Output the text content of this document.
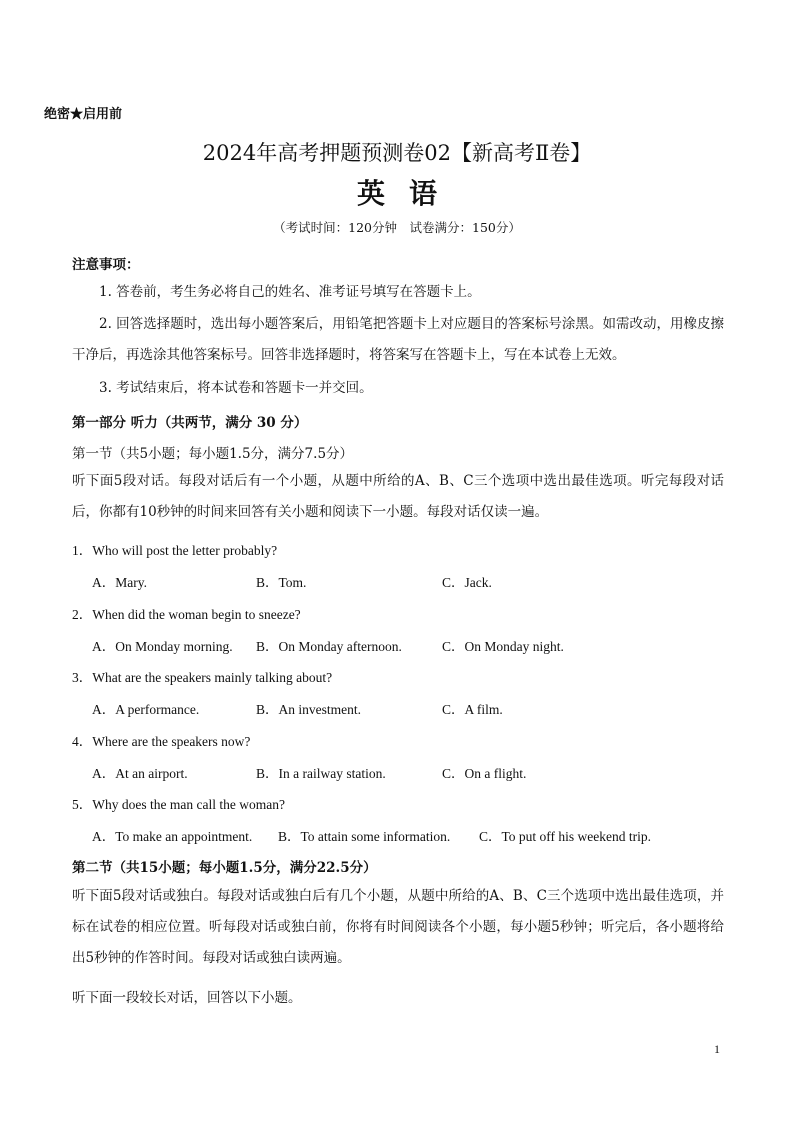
绝密★启用前
2024年高考押题预测卷02【新高考Ⅱ卷】
英语
（考试时间：120分钟　试卷满分：150分）
注意事项：
1. 答卷前，考生务必将自己的姓名、准考证号填写在答题卡上。
2. 回答选择题时，选出每小题答案后，用铅笔把答题卡上对应题目的答案标号涂黑。如需改动，用橡皮擦干净后，再选涂其他答案标号。回答非选择题时，将答案写在答题卡上，写在本试卷上无效。
3. 考试结束后，将本试卷和答题卡一并交回。
第一部分 听力（共两节，满分 30 分）
第一节（共5小题；每小题1.5分，满分7.5分）
听下面5段对话。每段对话后有一个小题，从题中所给的A、B、C三个选项中选出最佳选项。听完每段对话后，你都有10秒钟的时间来回答有关小题和阅读下一小题。每段对话仅读一遍。
1．Who will post the letter probably?
A．Mary.	B．Tom.	C．Jack.
2．When did the woman begin to sneeze?
A．On Monday morning. B．On Monday afternoon.	C．On Monday night.
3．What are the speakers mainly talking about?
A．A performance.	B．An investment.	C．A film.
4．Where are the speakers now?
A．At an airport.	B．In a railway station.	C．On a flight.
5．Why does the man call the woman?
A．To make an appointment. B．To attain some information. C．To put off his weekend trip.
第二节（共15小题；每小题1.5分，满分22.5分）
听下面5段对话或独白。每段对话或独白后有几个小题，从题中所给的A、B、C三个选项中选出最佳选项，并标在试卷的相应位置。听每段对话或独白前，你将有时间阅读各个小题，每小题5秒钟；听完后，各小题将给出5秒钟的作答时间。每段对话或独白读两遍。
听下面一段较长对话，回答以下小题。
1
